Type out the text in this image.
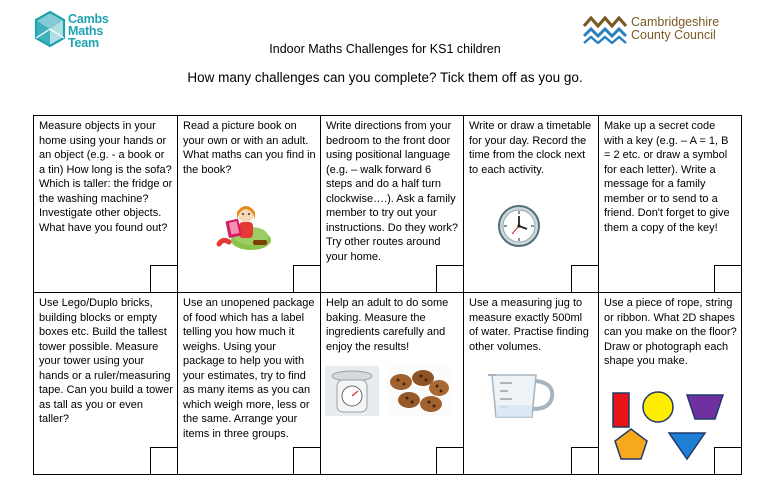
Cambs
Maths
Team
Cambridgeshire
County Council
Indoor Maths Challenges for KS1 children
How many challenges can you complete? Tick them off as you go.
Measure objects in your home using your hands or an object (e.g. - a book or a tin) How long is the sofa? Which is taller: the fridge or the washing machine? Investigate other objects. What have you found out?
Read a picture book on your own or with an adult. What maths can you find in the book?
Write directions from your bedroom to the front door using positional language (e.g. – walk forward 6 steps and do a half turn clockwise….). Ask a family member to try out your instructions. Do they work? Try other routes around your home.
Write or draw a timetable for your day. Record the time from the clock next to each activity.
Make up a secret code with a key (e.g. – A = 1, B = 2 etc. or draw a symbol for each letter). Write a message for a family member or to send to a friend. Don't forget to give them a copy of the key!
Use Lego/Duplo bricks, building blocks or empty boxes etc. Build the tallest tower possible. Measure your tower using your hands or a ruler/measuring tape. Can you build a tower as tall as you or even taller?
Use an unopened package of food which has a label telling you how much it weighs. Using your package to help you with your estimates, try to find as many items as you can which weigh more, less or the same. Arrange your items in three groups.
Help an adult to do some baking. Measure the ingredients carefully and enjoy the results!
Use a measuring jug to measure exactly 500ml of water. Practise finding other volumes.
Use a piece of rope, string or ribbon. What 2D shapes can you make on the floor? Draw or photograph each shape you make.
